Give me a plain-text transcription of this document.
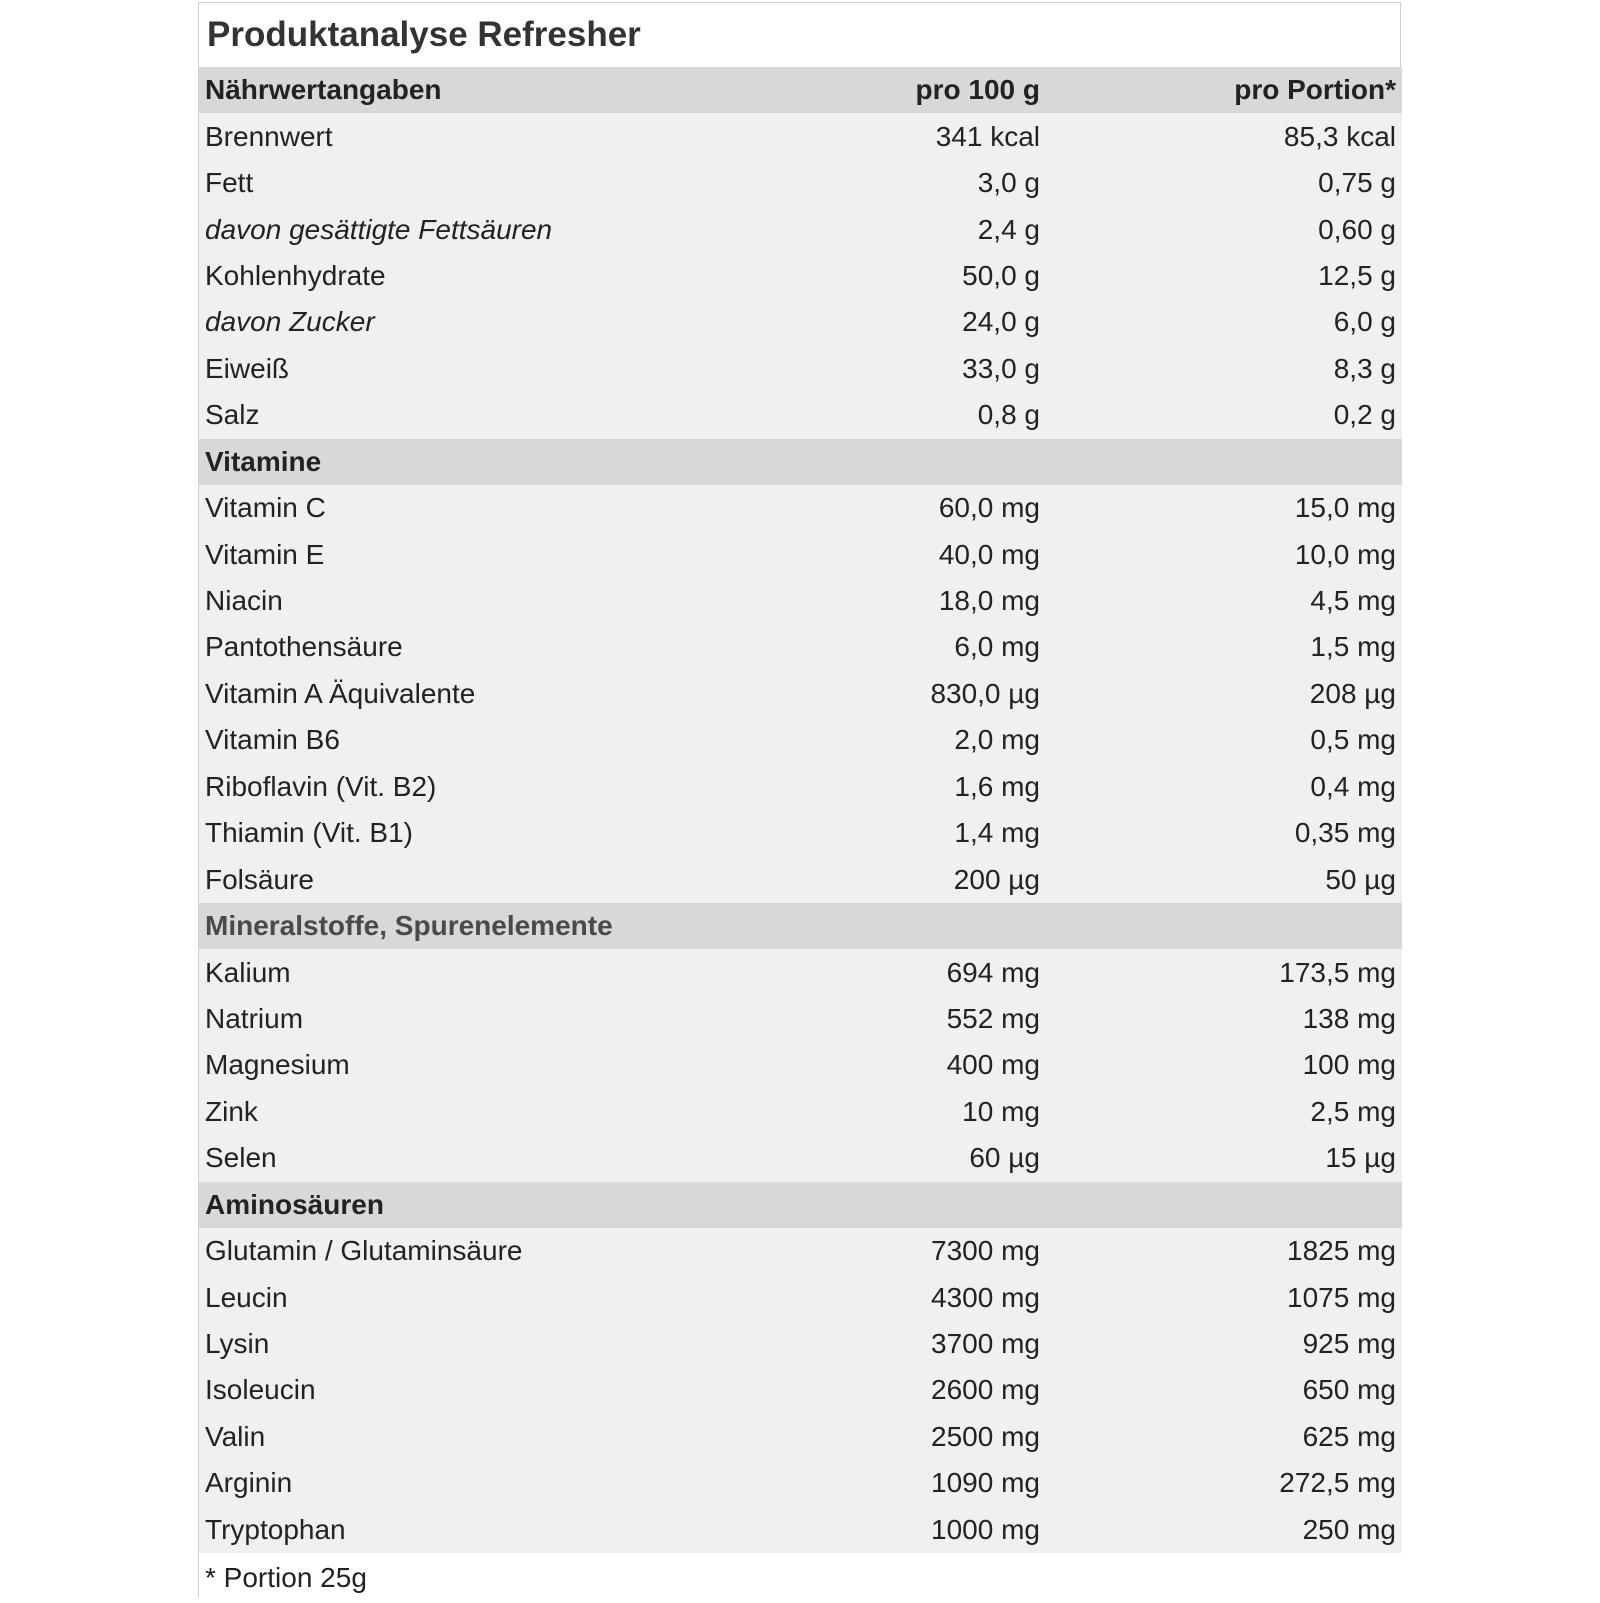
Produktanalyse Refresher
Nährwertangaben	pro 100 g	pro Portion*
Brennwert	341 kcal	85,3 kcal
Fett	3,0 g	0,75 g
davon gesättigte Fettsäuren	2,4 g	0,60 g
Kohlenhydrate	50,0 g	12,5 g
davon Zucker	24,0 g	6,0 g
Eiweiß	33,0 g	8,3 g
Salz	0,8 g	0,2 g
Vitamine		
Vitamin C	60,0 mg	15,0 mg
Vitamin E	40,0 mg	10,0 mg
Niacin	18,0 mg	4,5 mg
Pantothensäure	6,0 mg	1,5 mg
Vitamin A Äquivalente	830,0 µg	208 µg
Vitamin B6	2,0 mg	0,5 mg
Riboflavin (Vit. B2)	1,6 mg	0,4 mg
Thiamin (Vit. B1)	1,4 mg	0,35 mg
Folsäure	200 µg	50 µg
Mineralstoffe, Spurenelemente		
Kalium	694 mg	173,5 mg
Natrium	552 mg	138 mg
Magnesium	400 mg	100 mg
Zink	10 mg	2,5 mg
Selen	60 µg	15 µg
Aminosäuren		
Glutamin / Glutaminsäure	7300 mg	1825 mg
Leucin	4300 mg	1075 mg
Lysin	3700 mg	925 mg
Isoleucin	2600 mg	650 mg
Valin	2500 mg	625 mg
Arginin	1090 mg	272,5 mg
Tryptophan	1000 mg	250 mg
* Portion 25g		
